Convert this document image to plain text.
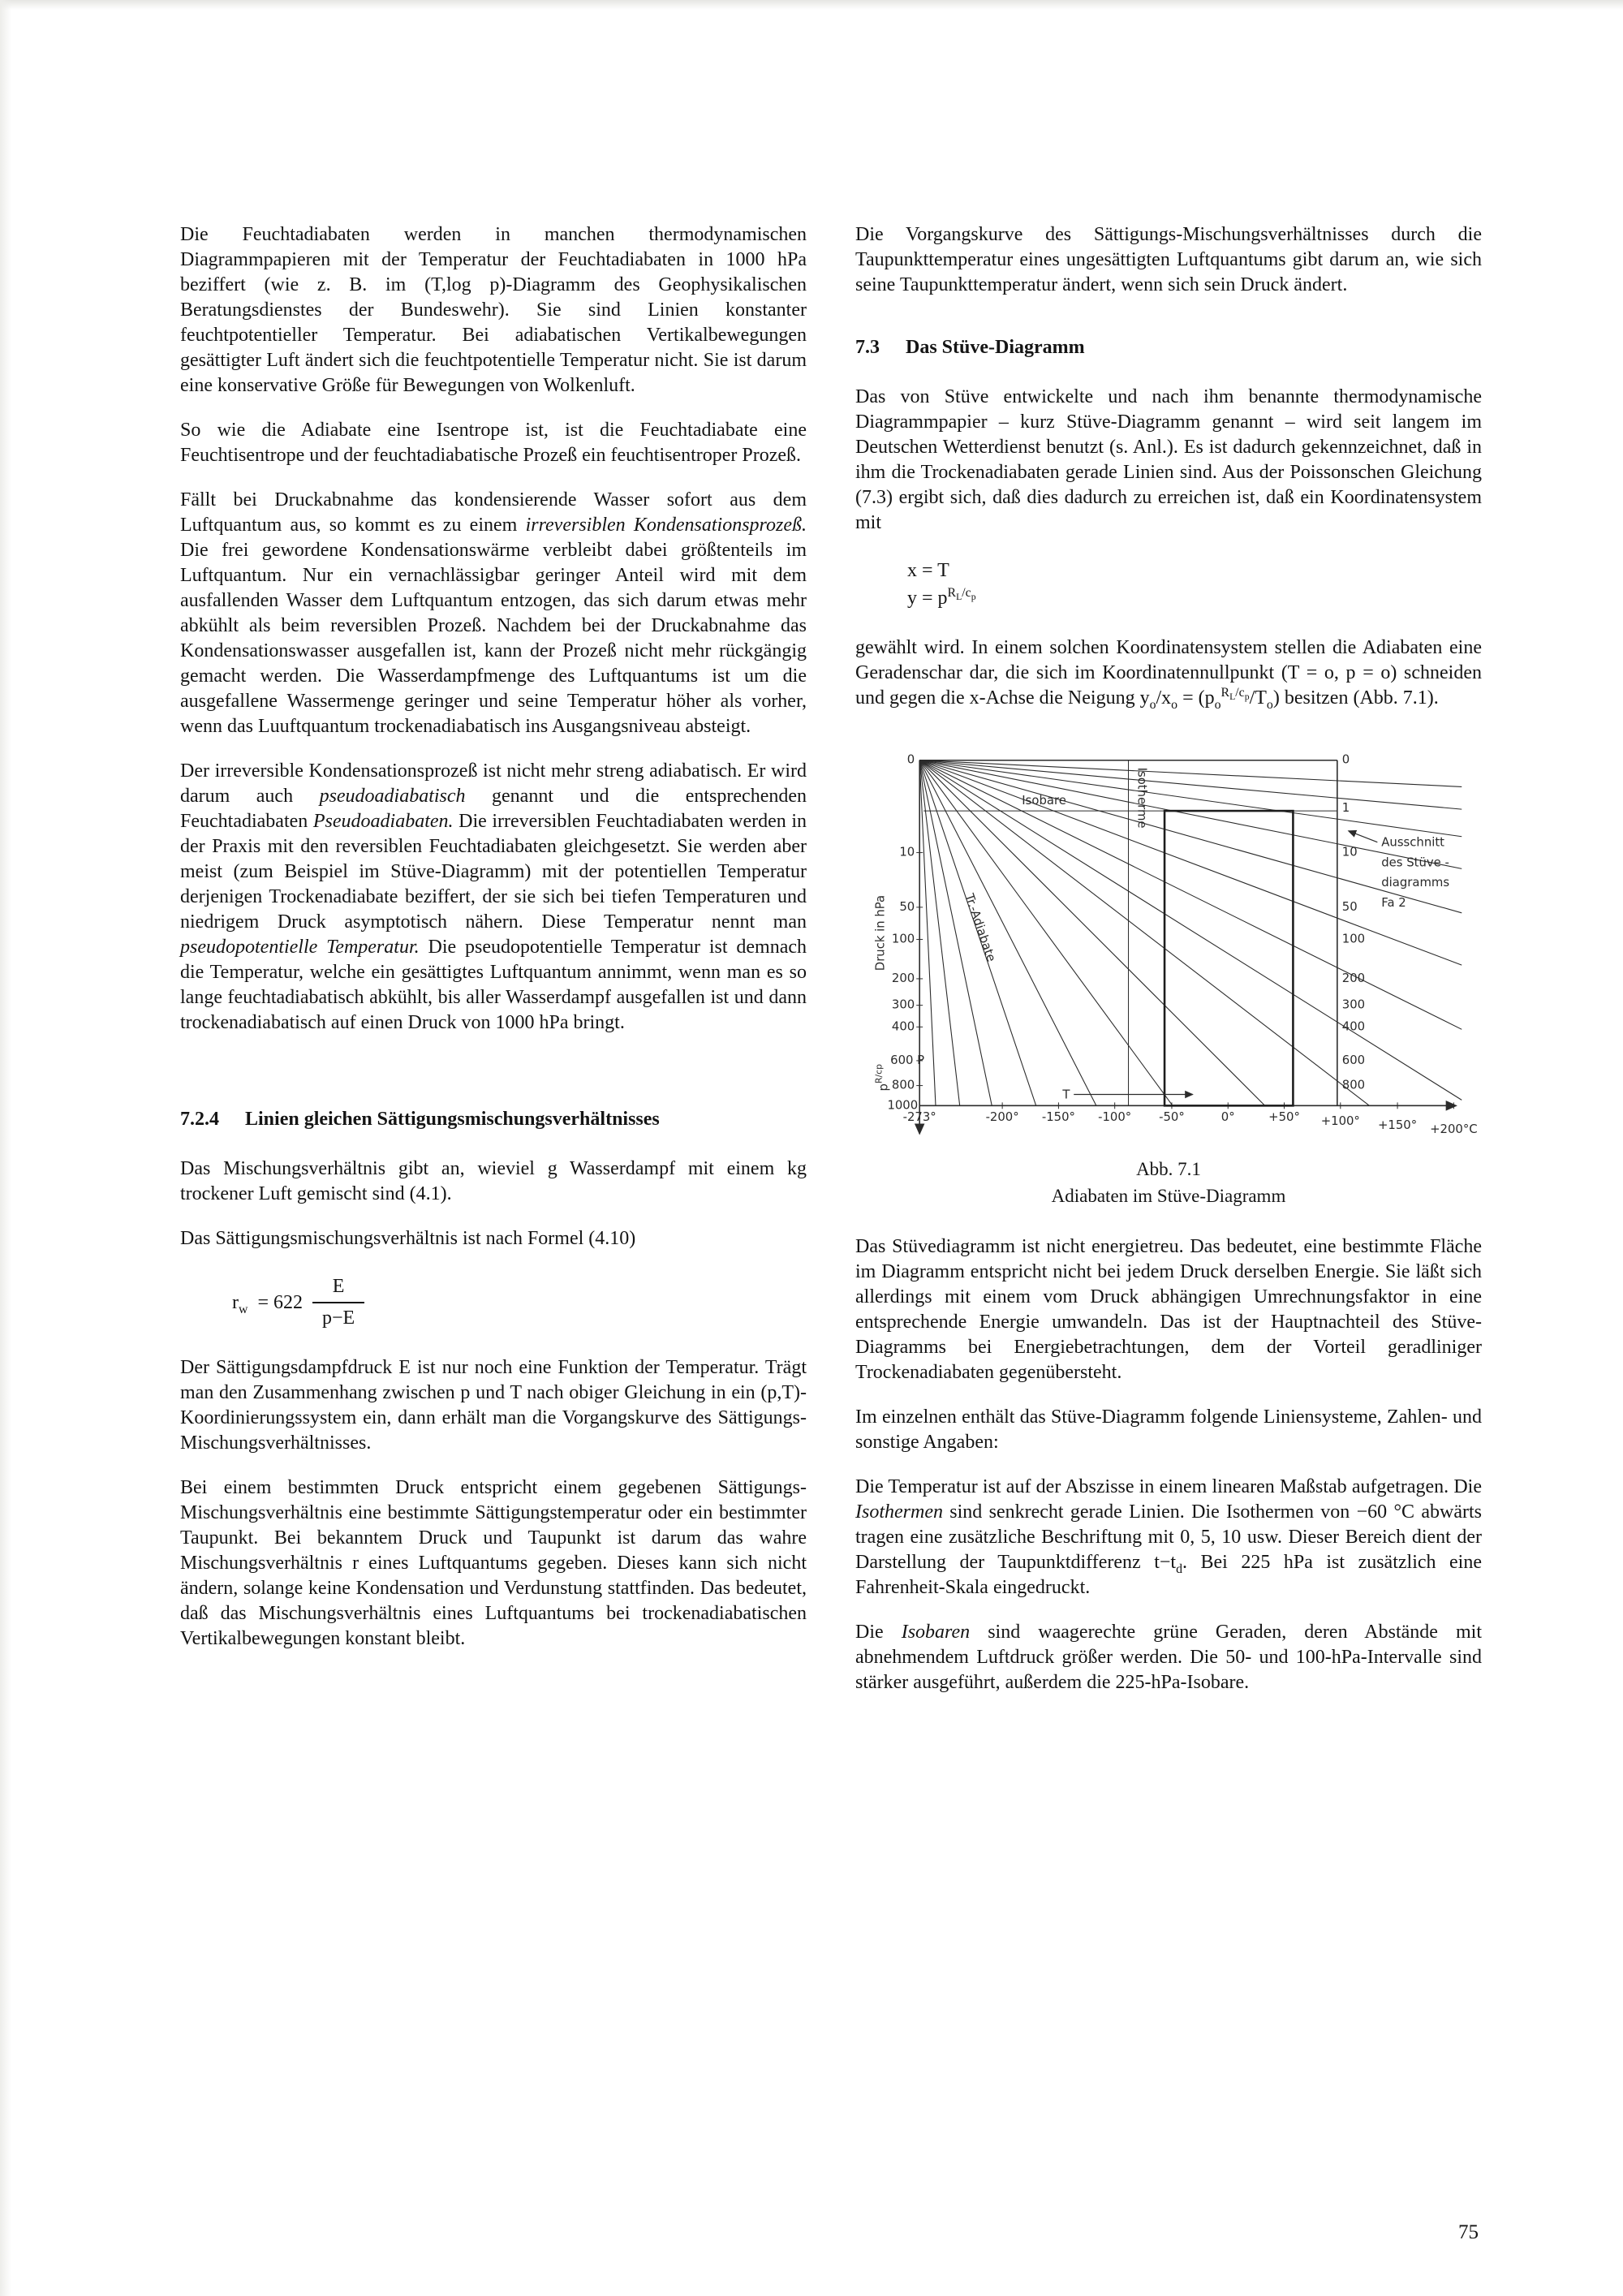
Die Feuchtadiabaten werden in manchen thermodynamischen Diagrammpapieren mit der Temperatur der Feuchtadiabaten in 1000 hPa beziffert (wie z. B. im (T,log p)-Diagramm des Geophysikalischen Beratungsdienstes der Bundeswehr). Sie sind Linien konstanter feuchtpotentieller Temperatur. Bei adiabatischen Vertikalbewegungen gesättigter Luft ändert sich die feuchtpotentielle Temperatur nicht. Sie ist darum eine konservative Größe für Bewegungen von Wolkenluft.

So wie die Adiabate eine Isentrope ist, ist die Feuchtadiabate eine Feuchtisentrope und der feuchtadiabatische Prozeß ein feuchtisentroper Prozeß.

Fällt bei Druckabnahme das kondensierende Wasser sofort aus dem Luftquantum aus, so kommt es zu einem irreversiblen Kondensationsprozeß. Die frei gewordene Kondensationswärme verbleibt dabei größtenteils im Luftquantum. Nur ein vernachlässigbar geringer Anteil wird mit dem ausfallenden Wasser dem Luftquantum entzogen, das sich darum etwas mehr abkühlt als beim reversiblen Prozeß. Nachdem bei der Druckabnahme das Kondensationswasser ausgefallen ist, kann der Prozeß nicht mehr rückgängig gemacht werden. Die Wasserdampfmenge des Luftquantums ist um die ausgefallene Wassermenge geringer und seine Temperatur höher als vorher, wenn das Luuftquantum trockenadiabatisch ins Ausgangsniveau absteigt.

Der irreversible Kondensationsprozeß ist nicht mehr streng adiabatisch. Er wird darum auch pseudoadiabatisch genannt und die entsprechenden Feuchtadiabaten Pseudoadiabaten. Die irreversiblen Feuchtadiabaten werden in der Praxis mit den reversiblen Feuchtadiabaten gleichgesetzt. Sie werden aber meist (zum Beispiel im Stüve-Diagramm) mit der potentiellen Temperatur derjenigen Trockenadiabate beziffert, der sie sich bei tiefen Temperaturen und niedrigem Druck asymptotisch nähern. Diese Temperatur nennt man pseudopotentielle Temperatur. Die pseudopotentielle Temperatur ist demnach die Temperatur, welche ein gesättigtes Luftquantum annimmt, wenn man es so lange feuchtadiabatisch abkühlt, bis aller Wasserdampf ausgefallen ist und dann trockenadiabatisch auf einen Druck von 1000 hPa bringt.

7.2.4 Linien gleichen Sättigungsmischungsverhältnisses

Das Mischungsverhältnis gibt an, wieviel g Wasserdampf mit einem kg trockener Luft gemischt sind (4.1).

Das Sättigungsmischungsverhältnis ist nach Formel (4.10)

$r_w = 622 \frac{E}{p-E}$

Der Sättigungsdampfdruck E ist nur noch eine Funktion der Temperatur. Trägt man den Zusammenhang zwischen p und T nach obiger Gleichung in ein (p,T)-Koordinierungssystem ein, dann erhält man die Vorgangskurve des Sättigungs-Mischungsverhältnisses.

Bei einem bestimmten Druck entspricht einem gegebenen Sättigungs-Mischungsverhältnis eine bestimmte Sättigungstemperatur oder ein bestimmter Taupunkt. Bei bekanntem Druck und Taupunkt ist darum das wahre Mischungsverhältnis r eines Luftquantums gegeben. Dieses kann sich nicht ändern, solange keine Kondensation und Verdunstung stattfinden. Das bedeutet, daß das Mischungsverhältnis eines Luftquantums bei trockenadiabatischen Vertikalbewegungen konstant bleibt.

Die Vorgangskurve des Sättigungs-Mischungsverhältnisses durch die Taupunkttemperatur eines ungesättigten Luftquantums gibt darum an, wie sich seine Taupunkttemperatur ändert, wenn sich sein Druck ändert.

7.3 Das Stüve-Diagramm

Das von Stüve entwickelte und nach ihm benannte thermodynamische Diagrammpapier – kurz Stüve-Diagramm genannt – wird seit langem im Deutschen Wetterdienst benutzt (s. Anl.). Es ist dadurch gekennzeichnet, daß in ihm die Trockenadiabaten gerade Linien sind. Aus der Poissonschen Gleichung (7.3) ergibt sich, daß dies dadurch zu erreichen ist, daß ein Koordinatensystem mit

x = T
$y = p^{R_L/c_p}$

gewählt wird. In einem solchen Koordinatensystem stellen die Adiabaten eine Geradenschar dar, die sich im Koordinatennullpunkt (T = o, p = o) schneiden und gegen die x-Achse die Neigung $y_o/x_o = (p_o^{R_L/c_p}/T_o)$ besitzen (Abb. 7.1).

T
0
10
50
100
200
300
400
600 P
800
1000
0
1
10
50
100
200
300
400
600
800
-273°	-200° -150° -100° -50°	0°	+50° +100° +150° +200°C
Isobare	Isotherme
Tr.-Adiabate
Druck in hPa
$p^{R/cp}$
Ausschnitt
des Stüve -
diagramms
Fa 2
Abb. 7.1
Adiabaten im Stüve-Diagramm

Das Stüvediagramm ist nicht energietreu. Das bedeutet, eine bestimmte Fläche im Diagramm entspricht nicht bei jedem Druck derselben Energie. Sie läßt sich allerdings mit einem vom Druck abhängigen Umrechnungsfaktor in eine entsprechende Energie umwandeln. Das ist der Hauptnachteil des Stüve-Diagramms bei Energiebetrachtungen, dem der Vorteil geradliniger Trockenadiabaten gegenübersteht.

Im einzelnen enthält das Stüve-Diagramm folgende Liniensysteme, Zahlen- und sonstige Angaben:

Die Temperatur ist auf der Abszisse in einem linearen Maßstab aufgetragen. Die Isothermen sind senkrecht gerade Linien. Die Isothermen von −60 °C abwärts tragen eine zusätzliche Beschriftung mit 0, 5, 10 usw. Dieser Bereich dient der Darstellung der Taupunktdifferenz $t-t_d$. Bei 225 hPa ist zusätzlich eine Fahrenheit-Skala eingedruckt.

Die Isobaren sind waagerechte grüne Geraden, deren Abstände mit abnehmendem Luftdruck größer werden. Die 50- und 100-hPa-Intervalle sind stärker ausgeführt, außerdem die 225-hPa-Isobare.

75
